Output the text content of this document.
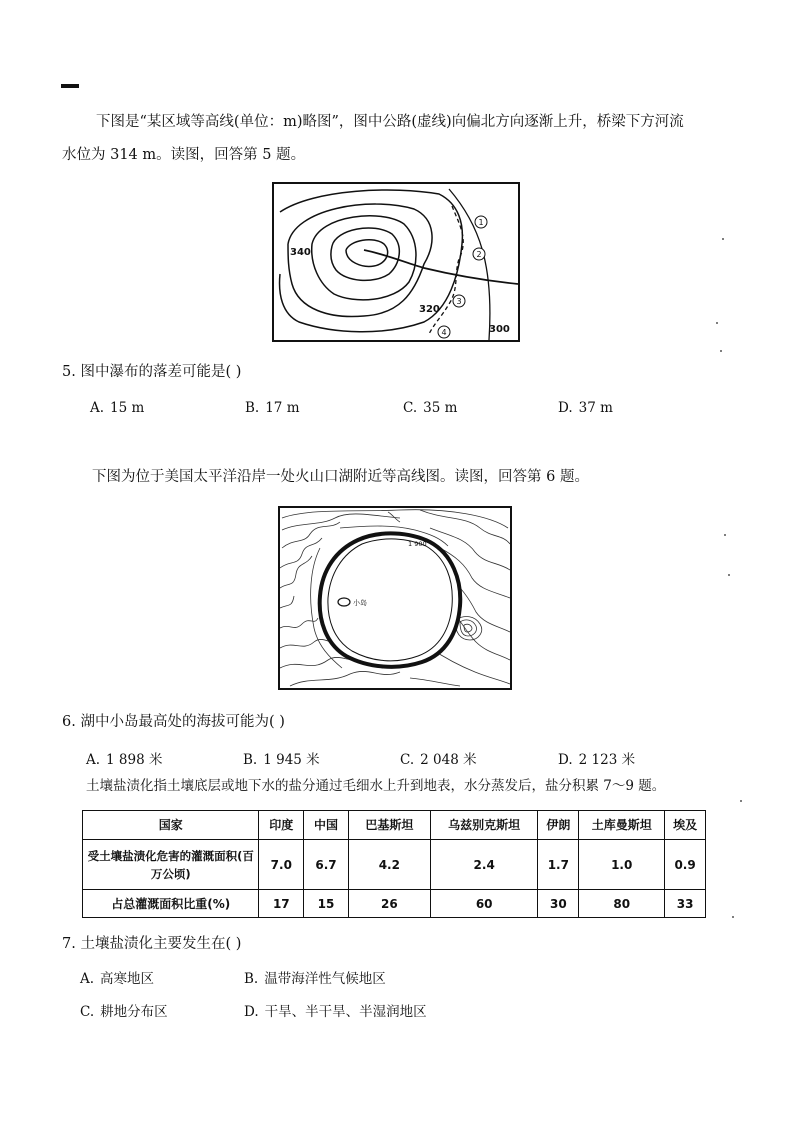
下图是“某区域等高线(单位：m)略图”，图中公路(虚线)向偏北方向逐渐上升，桥梁下方河流
水位为 314 m。读图，回答第 5 题。
340
320
300
1
2
3
4
5. 图中瀑布的落差可能是( )
A. 15 m	B. 17 m	C. 35 m	D. 37 m
下图为位于美国太平洋沿岸一处火山口湖附近等高线图。读图，回答第 6 题。
小岛
1 900
6. 湖中小岛最高处的海拔可能为( )
A. 1 898 米	B. 1 945 米	C. 2 048 米	D. 2 123 米
土壤盐渍化指土壤底层或地下水的盐分通过毛细水上升到地表，水分蒸发后，盐分积累 7～9 题。
国家	印度	中国	巴基斯坦	乌兹别克斯坦	伊朗	土库曼斯坦	埃及
受土壤盐渍化危害的灌溉面积(百万公顷)	7.0	6.7	4.2	2.4	1.7	1.0	0.9
占总灌溉面积比重(%)	17	15	26	60	30	80	33
7. 土壤盐渍化主要发生在( )
A. 高寒地区	B. 温带海洋性气候地区
C. 耕地分布区	D. 干旱、半干旱、半湿润地区
